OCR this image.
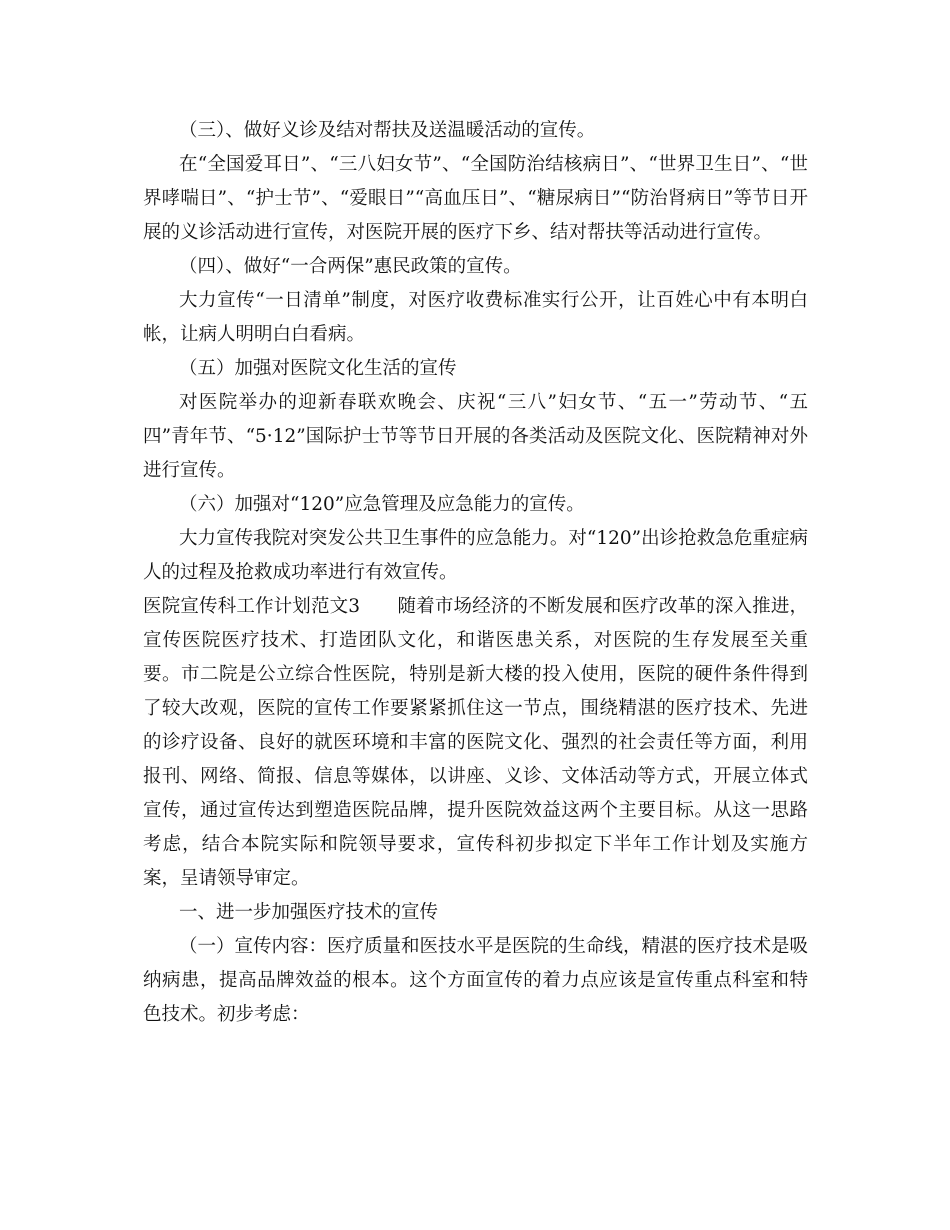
（三）、做好义诊及结对帮扶及送温暖活动的宣传。

在“全国爱耳日”、“三八妇女节”、“全国防治结核病日”、“世界卫生日”、“世界哮喘日”、“护士节”、“爱眼日”“高血压日”、“糖尿病日”“防治肾病日”等节日开展的义诊活动进行宣传，对医院开展的医疗下乡、结对帮扶等活动进行宣传。

（四）、做好“一合两保”惠民政策的宣传。

大力宣传“一日清单”制度，对医疗收费标准实行公开，让百姓心中有本明白帐，让病人明明白白看病。

（五）加强对医院文化生活的宣传

对医院举办的迎新春联欢晚会、庆祝“三八”妇女节、“五一”劳动节、“五四”青年节、“5·12”国际护士节等节日开展的各类活动及医院文化、医院精神对外进行宣传。

（六）加强对“120”应急管理及应急能力的宣传。

大力宣传我院对突发公共卫生事件的应急能力。对“120”出诊抢救急危重症病人的过程及抢救成功率进行有效宣传。

医院宣传科工作计划范文3　　随着市场经济的不断发展和医疗改革的深入推进，宣传医院医疗技术、打造团队文化，和谐医患关系，对医院的生存发展至关重要。市二院是公立综合性医院，特别是新大楼的投入使用，医院的硬件条件得到了较大改观，医院的宣传工作要紧紧抓住这一节点，围绕精湛的医疗技术、先进的诊疗设备、良好的就医环境和丰富的医院文化、强烈的社会责任等方面，利用报刊、网络、简报、信息等媒体，以讲座、义诊、文体活动等方式，开展立体式宣传，通过宣传达到塑造医院品牌，提升医院效益这两个主要目标。从这一思路考虑，结合本院实际和院领导要求，宣传科初步拟定下半年工作计划及实施方案，呈请领导审定。

一、进一步加强医疗技术的宣传

（一）宣传内容：医疗质量和医技水平是医院的生命线，精湛的医疗技术是吸纳病患，提高品牌效益的根本。这个方面宣传的着力点应该是宣传重点科室和特色技术。初步考虑：
